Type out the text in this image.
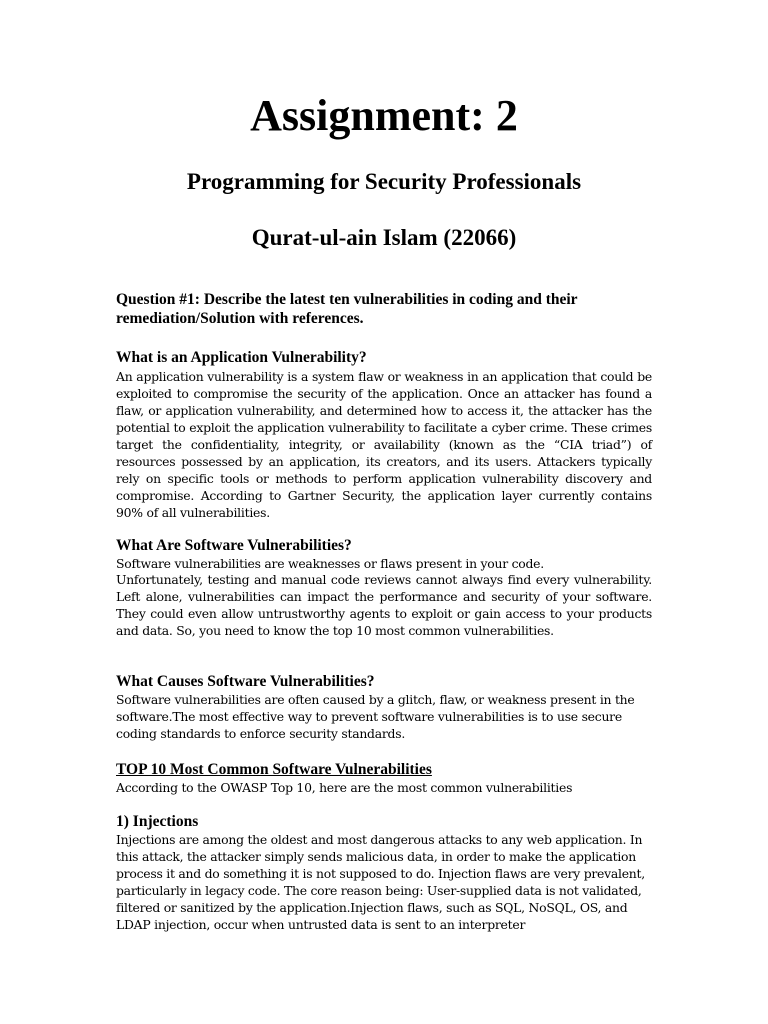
Assignment: 2
Programming for Security Professionals
Qurat-ul-ain Islam (22066)

Question #1: Describe the latest ten vulnerabilities in coding and their remediation/Solution with references.

What is an Application Vulnerability?

An application vulnerability is a system flaw or weakness in an application that could be exploited to compromise the security of the application. Once an attacker has found a flaw, or application vulnerability, and determined how to access it, the attacker has the potential to exploit the application vulnerability to facilitate a cyber crime. These crimes target the confidentiality, integrity, or availability (known as the “CIA triad”) of resources possessed by an application, its creators, and its users. Attackers typically rely on specific tools or methods to perform application vulnerability discovery and compromise. According to Gartner Security, the application layer currently contains 90% of all vulnerabilities.

What Are Software Vulnerabilities?

Software vulnerabilities are weaknesses or flaws present in your code.

Unfortunately, testing and manual code reviews cannot always find every vulnerability. Left alone, vulnerabilities can impact the performance and security of your software. They could even allow untrustworthy agents to exploit or gain access to your products and data. So, you need to know the top 10 most common vulnerabilities.

What Causes Software Vulnerabilities?

Software vulnerabilities are often caused by a glitch, flaw, or weakness present in the software.The most effective way to prevent software vulnerabilities is to use secure coding standards to enforce security standards.

TOP 10 Most Common Software Vulnerabilities

According to the OWASP Top 10, here are the most common vulnerabilities

1) Injections

Injections are among the oldest and most dangerous attacks to any web application. In this attack, the attacker simply sends malicious data, in order to make the application process it and do something it is not supposed to do. Injection flaws are very prevalent, particularly in legacy code. The core reason being: User-supplied data is not validated, filtered or sanitized by the application.Injection flaws, such as SQL, NoSQL, OS, and LDAP injection, occur when untrusted data is sent to an interpreter
